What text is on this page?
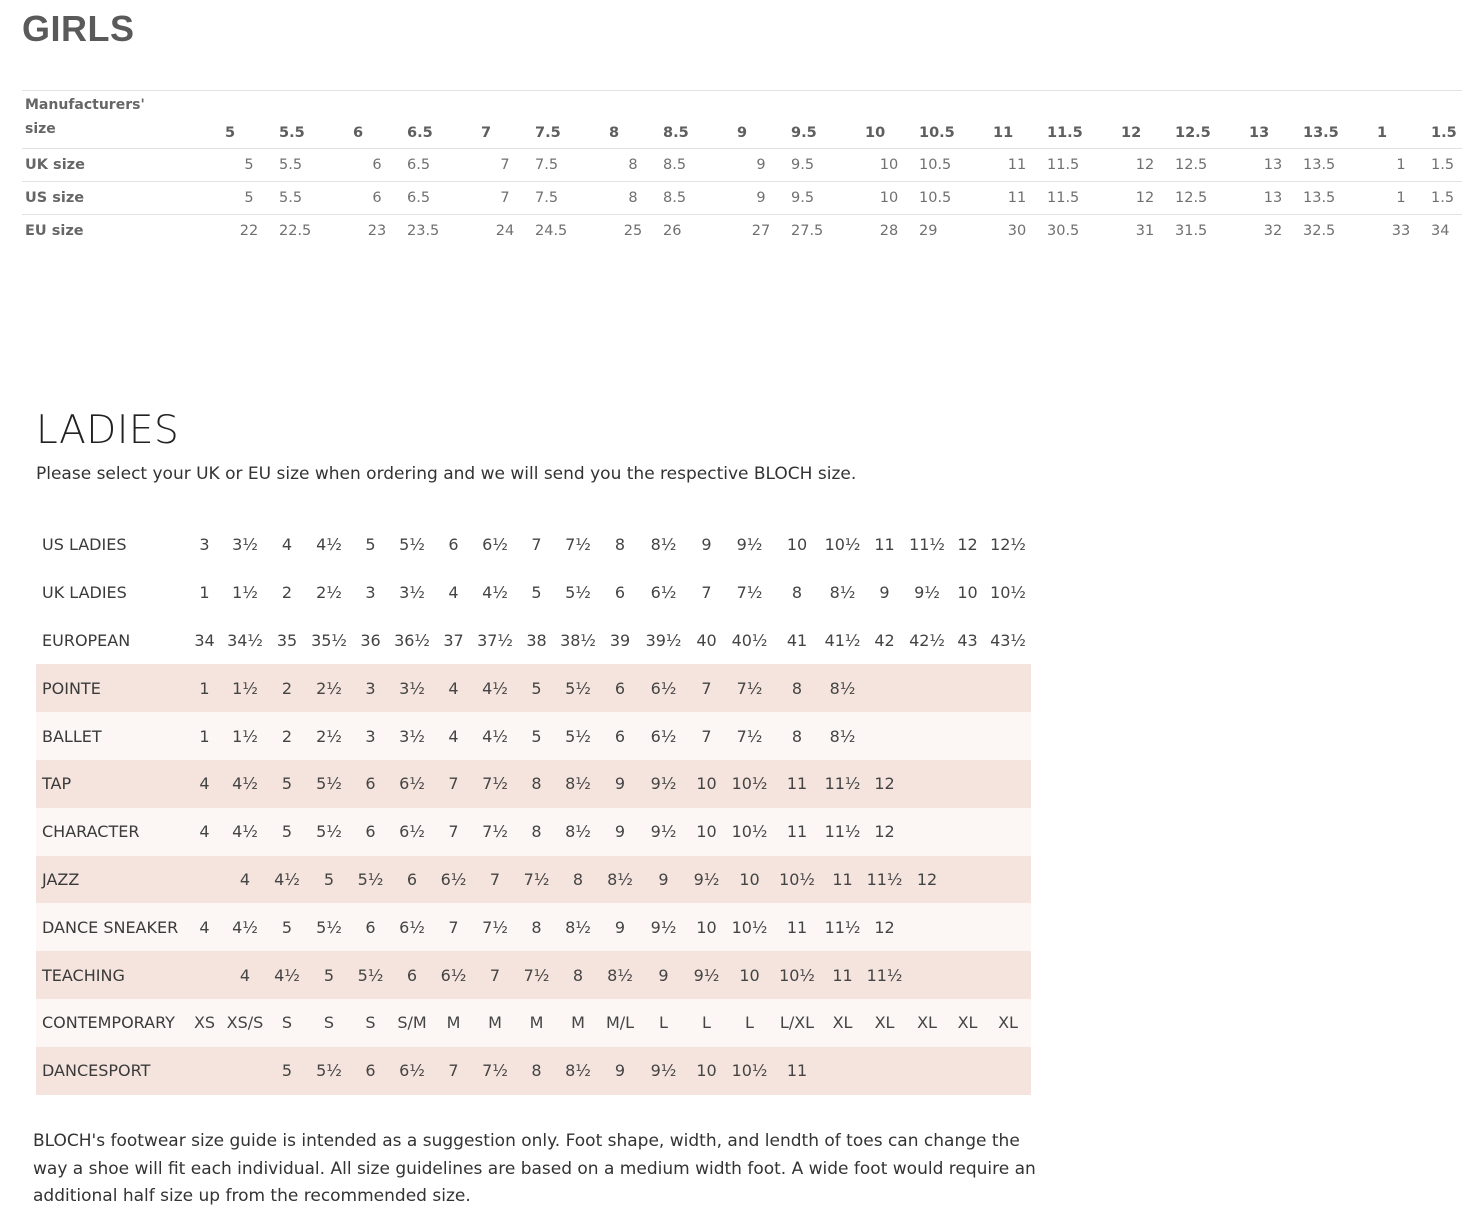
GIRLS
Manufacturers'
size	5	5.5	6	6.5	7	7.5	8	8.5	9	9.5	10	10.5	11	11.5	12	12.5	13	13.5	1	1.5
UK size	5	5.5	6	6.5	7	7.5	8	8.5	9	9.5	10	10.5	11	11.5	12	12.5	13	13.5	1	1.5
US size	5	5.5	6	6.5	7	7.5	8	8.5	9	9.5	10	10.5	11	11.5	12	12.5	13	13.5	1	1.5
EU size	22	22.5	23	23.5	24	24.5	25	26	27	27.5	28	29	30	30.5	31	31.5	32	32.5	33	34
LADIES

Please select your UK or EU size when ordering and we will send you the respective BLOCH size.

US LADIES	3	3½	4	4½	5	5½	6	6½	7	7½	8	8½	9	9½	10	10½	11	11½	12	12½
UK LADIES	1	1½	2	2½	3	3½	4	4½	5	5½	6	6½	7	7½	8	8½	9	9½	10	10½
EUROPEAN	34	34½	35	35½	36	36½	37	37½	38	38½	39	39½	40	40½	41	41½	42	42½	43	43½
POINTE	1	1½	2	2½	3	3½	4	4½	5	5½	6	6½	7	7½	8	8½				
BALLET	1	1½	2	2½	3	3½	4	4½	5	5½	6	6½	7	7½	8	8½				
TAP	4	4½	5	5½	6	6½	7	7½	8	8½	9	9½	10	10½	11	11½	12			
CHARACTER	4	4½	5	5½	6	6½	7	7½	8	8½	9	9½	10	10½	11	11½	12			
JAZZ		4	4½	5	5½	6	6½	7	7½	8	8½	9	9½	10	10½	11	11½	12		
DANCE SNEAKER	4	4½	5	5½	6	6½	7	7½	8	8½	9	9½	10	10½	11	11½	12			
TEACHING		4	4½	5	5½	6	6½	7	7½	8	8½	9	9½	10	10½	11	11½			
CONTEMPORARY	XS	XS/S	S	S	S	S/M	M	M	M	M	M/L	L	L	L	L/XL	XL	XL	XL	XL	XL
DANCESPORT			5	5½	6	6½	7	7½	8	8½	9	9½	10	10½	11					

BLOCH's footwear size guide is intended as a suggestion only. Foot shape, width, and lendth of toes can change the way a shoe will fit each individual. All size guidelines are based on a medium width foot. A wide foot would require an additional half size up from the recommended size.
